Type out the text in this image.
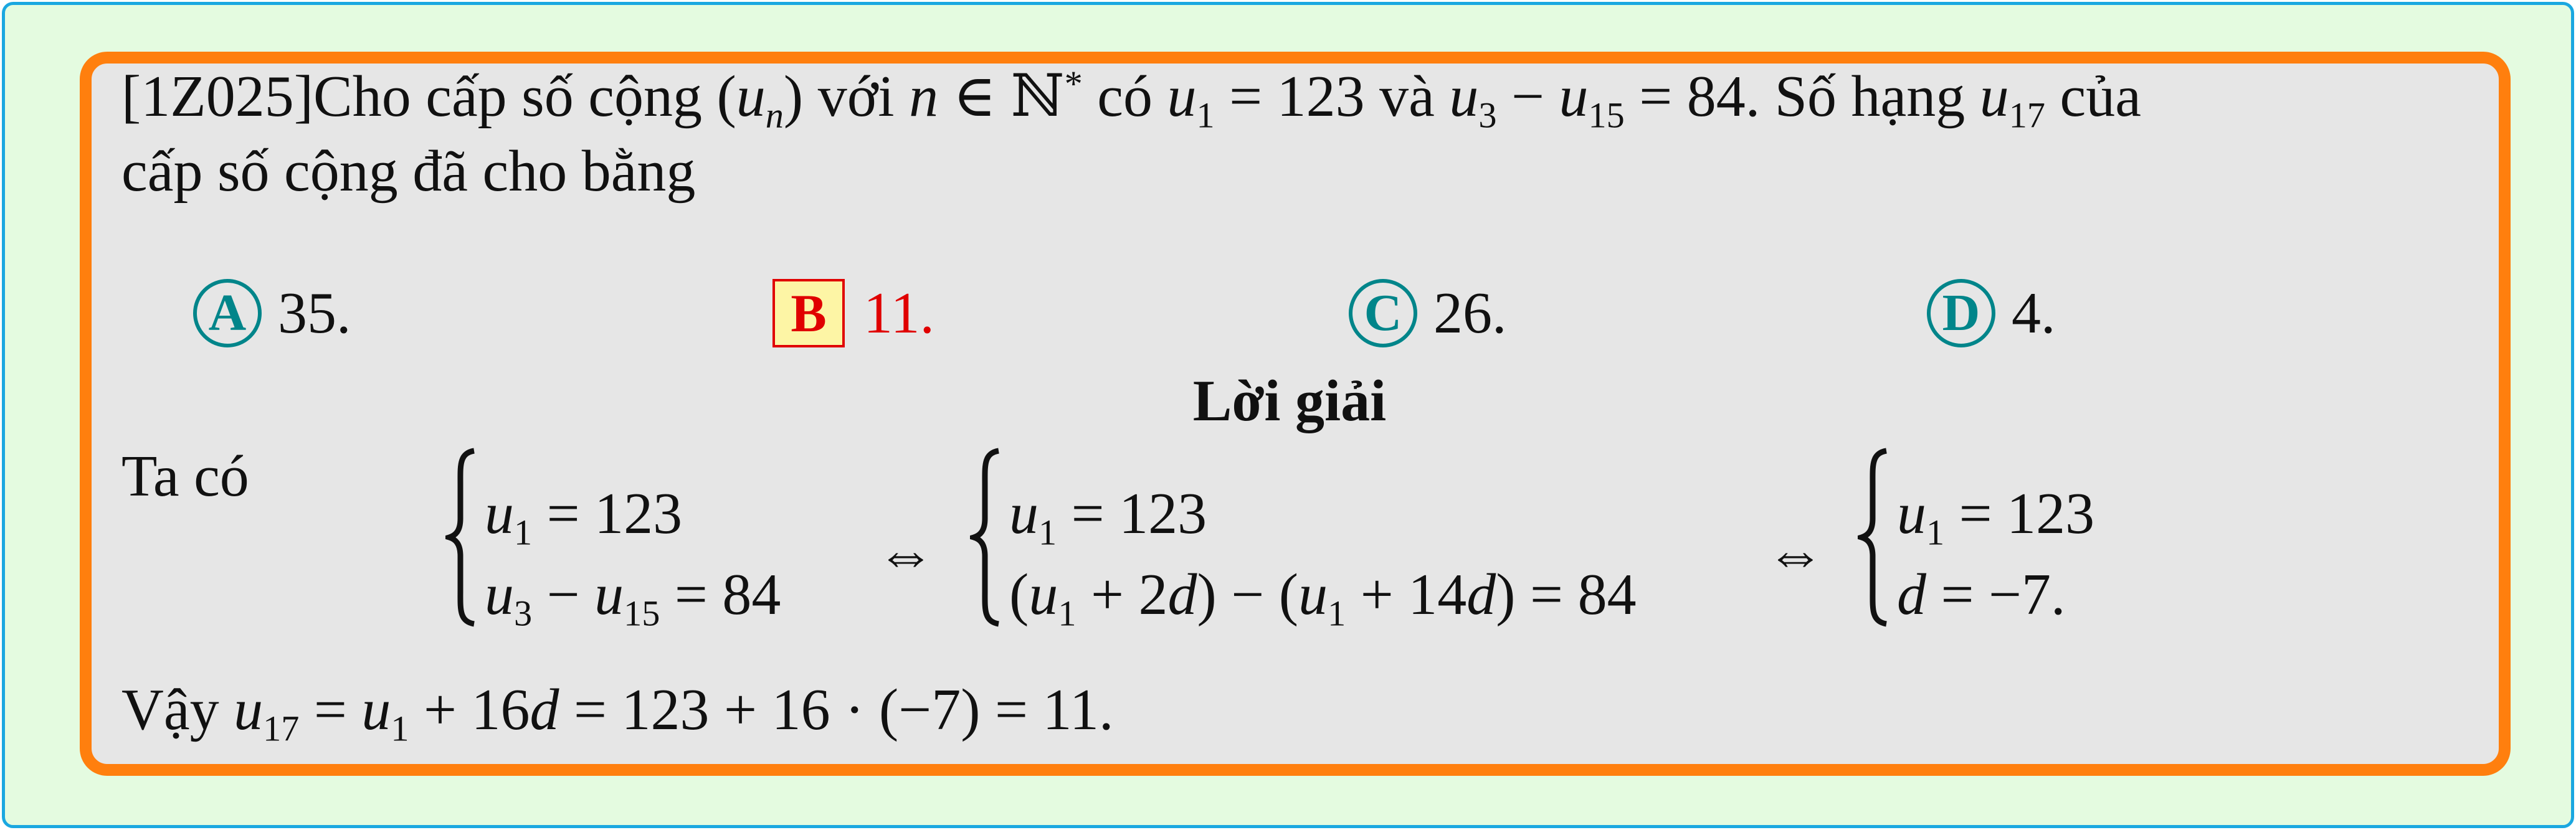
[1Z025]Cho cấp số cộng $(u_n)$ với n ∈ ℕ* có $u_1 = 123$ và $u_3 - u_{15} = 84$. Số hạng $u_{17}$ của
cấp số cộng đã cho bằng
A 35.	B 11.	C 26.	D 4.
Lời giải
Ta có
$u_1 = 123$
$u_3 - u_{15} = 84$
⇔
$u_1 = 123$
$(u_1 + 2d) - (u_1 + 14d) = 84$
⇔
$u_1 = 123$
d = −7.
Vậy $u_{17} = u_1 + 16d = 123 + 16 \cdot (-7) = 11$.
